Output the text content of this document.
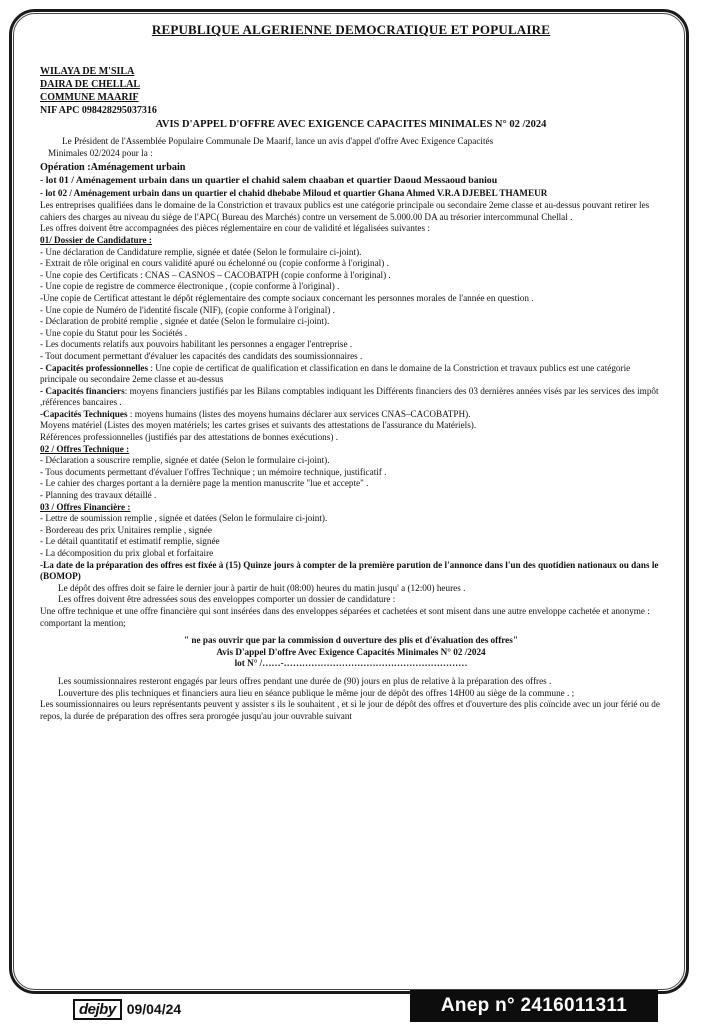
REPUBLIQUE ALGERIENNE DEMOCRATIQUE ET POPULAIRE
WILAYA DE M'SILA
DAIRA DE CHELLAL
COMMUNE MAARIF
NIF APC 098428295037316
AVIS D'APPEL D'OFFRE AVEC EXIGENCE CAPACITES MINIMALES N° 02 /2024

Le Président de l'Assemblée Populaire Communale De Maarif, lance un avis d'appel d'offre Avec Exigence Capacités

Minimales 02/2024 pour la :

Opération :Aménagement urbain

- lot 01 / Aménagement urbain dans un quartier el chahid salem chaaban et quartier Daoud Messaoud baniou

- lot 02 / Aménagement urbain dans un quartier el chahid dhebabe Miloud et quartier Ghana Ahmed V.R.A DJEBEL THAMEUR

Les entreprises qualifiées dans le domaine de la Constriction et travaux publics est une catégorie principale ou secondaire 2eme classe et au-dessus pouvant retirer les cahiers des charges au niveau du siège de l'APC( Bureau des Marchés) contre un versement de 5.000.00 DA au trésorier intercommunal Chellal .

Les offres doivent être accompagnées des pièces réglementaire en cour de validité et légalisées suivantes :

01/ Dossier de Candidature :

- Une déclaration de Candidature remplie, signée et datée (Selon le formulaire ci-joint).

- Extrait de rôle original en cours validité apuré ou échelonné ou (copie conforme à l'original) .

- Une copie des Certificats : CNAS – CASNOS – CACOBATPH (copie conforme à l'original) .

- Une copie de registre de commerce électronique , (copie conforme à l'original) .

-Une copie de Certificat attestant le dépôt réglementaire des compte sociaux concernant les personnes morales de l'année en question .

- Une copie de Numéro de l'identité fiscale (NIF), (copie conforme à l'original) .

- Déclaration de probité remplie , signée et datée (Selon le formulaire ci-joint).

- Une copie du Statut pour les Sociétés .

- Les documents relatifs aux pouvoirs habilitant les personnes a engager l'entreprise .

- Tout document permettant d'évaluer les capacités des candidats des soumissionnaires .

- Capacités professionnelles : Une copie de certificat de qualification et classification en dans le domaine de la Constriction et travaux publics est une catégorie principale ou secondaire 2eme classe et au-dessus

- Capacités financiers: moyens financiers justifiés par les Bilans comptables indiquant les Différents financiers des 03 dernières années visés par les services des impôt ,références bancaires .

-Capacités Techniques : moyens humains (listes des moyens humains déclarer aux services CNAS–CACOBATPH).

Moyens matériel (Listes des moyen matériels; les cartes grises et suivants des attestations de l'assurance du Matériels).

Références professionnelles (justifiés par des attestations de bonnes exécutions) .

02 / Offres Technique :

- Déclaration a souscrire remplie, signée et datée (Selon le formulaire ci-joint).

- Tous documents permettant d'évaluer l'offres Technique ; un mémoire technique, justificatif .

- Le cahier des charges portant a la dernière page la mention manuscrite "lue et accepte" .

- Planning des travaux détaillé .

03 / Offres Financière :

- Lettre de soumission remplie , signée et datées (Selon le formulaire ci-joint).

- Bordereau des prix Unitaires remplie , signée

- Le détail quantitatif et estimatif remplie, signée

- La décomposition du prix global et forfaitaire

-La date de la préparation des offres est fixée à (15) Quinze jours à compter de la première parution de l'annonce dans l'un des quotidien nationaux ou dans le (BOMOP)

Le dépôt des offres doit se faire le dernier jour à partir de huit (08:00) heures du matin jusqu' a (12:00) heures .

Les offres doivent être adressées sous des enveloppes comporter un dossier de candidature :

Une offre technique et une offre financière qui sont insérées dans des enveloppes séparées et cachetées et sont misent dans une autre enveloppe cachetée et anonyme : comportant la mention;

" ne pas ouvrir que par la commission d ouverture des plis et d'évaluation des offres"

Avis D'appel D'offre Avec Exigence Capacités Minimales N° 02 /2024

lot N° /……-……………………………………………………

Les soumissionnaires resteront engagés par leurs offres pendant une durée de (90) jours en plus de relative à la préparation des offres .

Louverture des plis techniques et financiers aura lieu en séance publique le même jour de dépôt des offres 14H00 au siège de la commune . ;

Les soumissionnaires ou leurs représentants peuvent y assister s ils le souhaitent , et si le jour de dépôt des offres et d'ouverture des plis coïncide avec un jour férié ou de repos, la durée de préparation des offres sera prorogée jusqu'au jour ouvrable suivant

dejby 09/04/24	Anep n° 2416011311
